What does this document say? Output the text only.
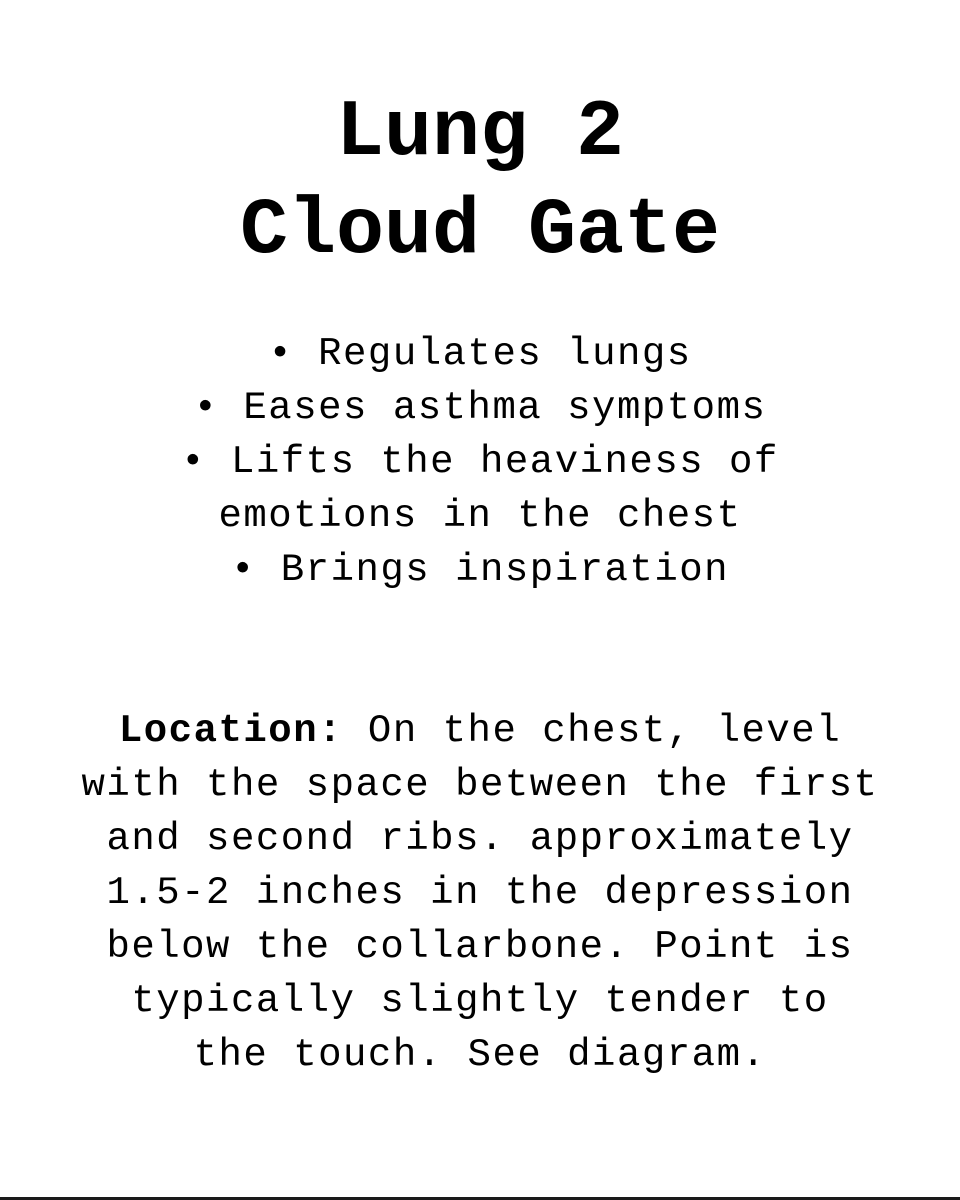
Lung 2
Cloud Gate
• Regulates lungs
• Eases asthma symptoms
• Lifts the heaviness of
emotions in the chest
• Brings inspiration

Location: On the chest, level
with the space between the first
and second ribs. approximately
1.5-2 inches in the depression
below the collarbone. Point is
typically slightly tender to
the touch. See diagram.
